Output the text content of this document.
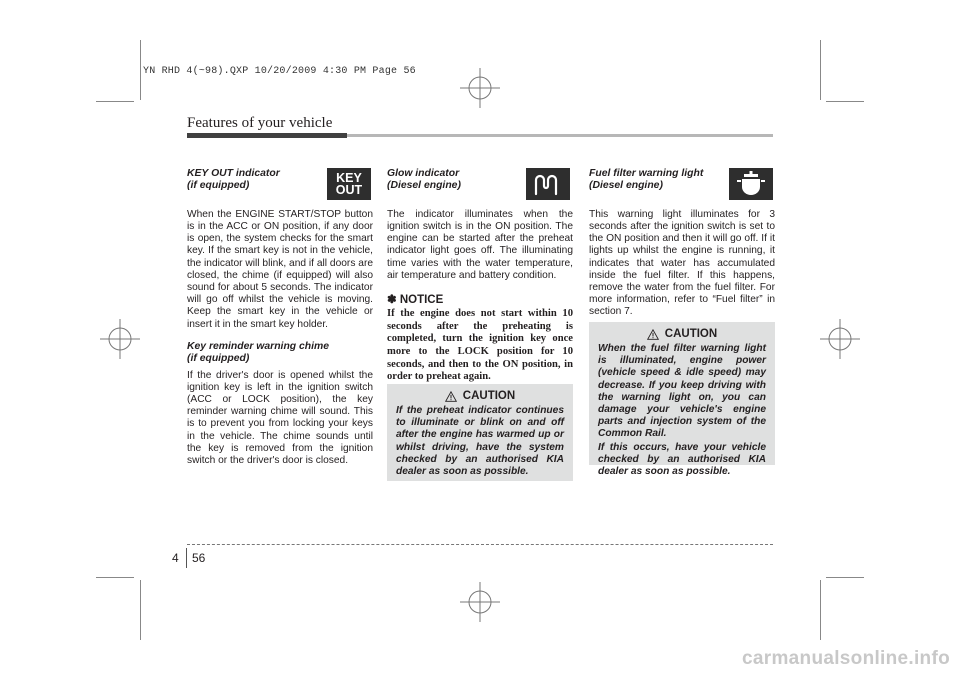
YN RHD 4(~98).QXP 10/20/2009 4:30 PM Page 56
Features of your vehicle
KEY OUT indicator
(if equipped)

When the ENGINE START/STOP button is in the ACC or ON position, if any door is open, the system checks for the smart key. If the smart key is not in the vehicle, the indicator will blink, and if all doors are closed, the chime (if equipped) will also sound for about 5 seconds. The indicator will go off whilst the vehicle is moving. Keep the smart key in the vehicle or insert it in the smart key holder.

Key reminder warning chime
(if equipped)

If the driver's door is opened whilst the ignition key is left in the ignition switch (ACC or LOCK position), the key reminder warning chime will sound. This is to prevent you from locking your keys in the vehicle. The chime sounds until the key is removed from the ignition switch or the driver's door is closed.

KEY
OUT
Glow indicator
(Diesel engine)

The indicator illuminates when the ignition switch is in the ON position. The engine can be started after the preheat indicator light goes off. The illuminating time varies with the water temperature, air temperature and battery condition.

✽ NOTICE
If the engine does not start within 10 seconds after the preheating is completed, turn the ignition key once more to the LOCK position for 10 seconds, and then to the ON position, in order to preheat again.
CAUTION
If the preheat indicator continues to illuminate or blink on and off after the engine has warmed up or whilst driving, have the system checked by an authorised KIA dealer as soon as possible.
Fuel filter warning light
(Diesel engine)

This warning light illuminates for 3 seconds after the ignition switch is set to the ON position and then it will go off. If it lights up whilst the engine is running, it indicates that water has accumulated inside the fuel filter. If this happens, remove the water from the fuel filter. For more information, refer to “Fuel filter” in section 7.

CAUTION

When the fuel filter warning light is illuminated, engine power (vehicle speed & idle speed) may decrease. If you keep driving with the warning light on, you can damage your vehicle's engine parts and injection system of the Common Rail.

If this occurs, have your vehicle checked by an authorised KIA dealer as soon as possible.

4 56
carmanualsonline.info
